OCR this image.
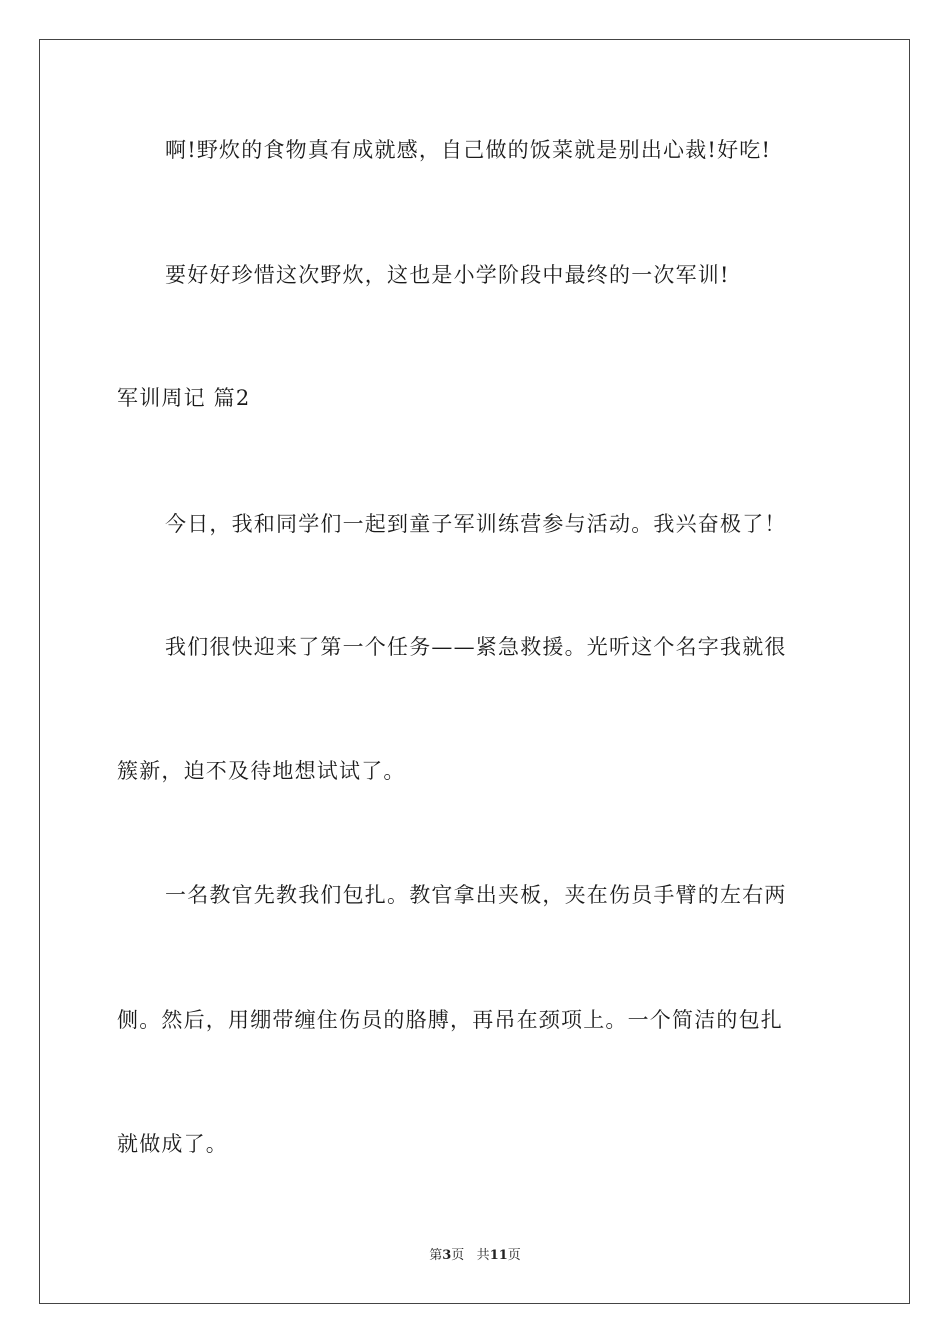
啊!野炊的食物真有成就感，自己做的饭菜就是别出心裁!好吃!
要好好珍惜这次野炊，这也是小学阶段中最终的一次军训!
军训周记 篇2
今日，我和同学们一起到童子军训练营参与活动。我兴奋极了！
我们很快迎来了第一个任务——紧急救援。光听这个名字我就很
簇新，迫不及待地想试试了。
一名教官先教我们包扎。教官拿出夹板，夹在伤员手臂的左右两
侧。然后，用绷带缠住伤员的胳膊，再吊在颈项上。一个简洁的包扎
就做成了。
第3页 共11页
